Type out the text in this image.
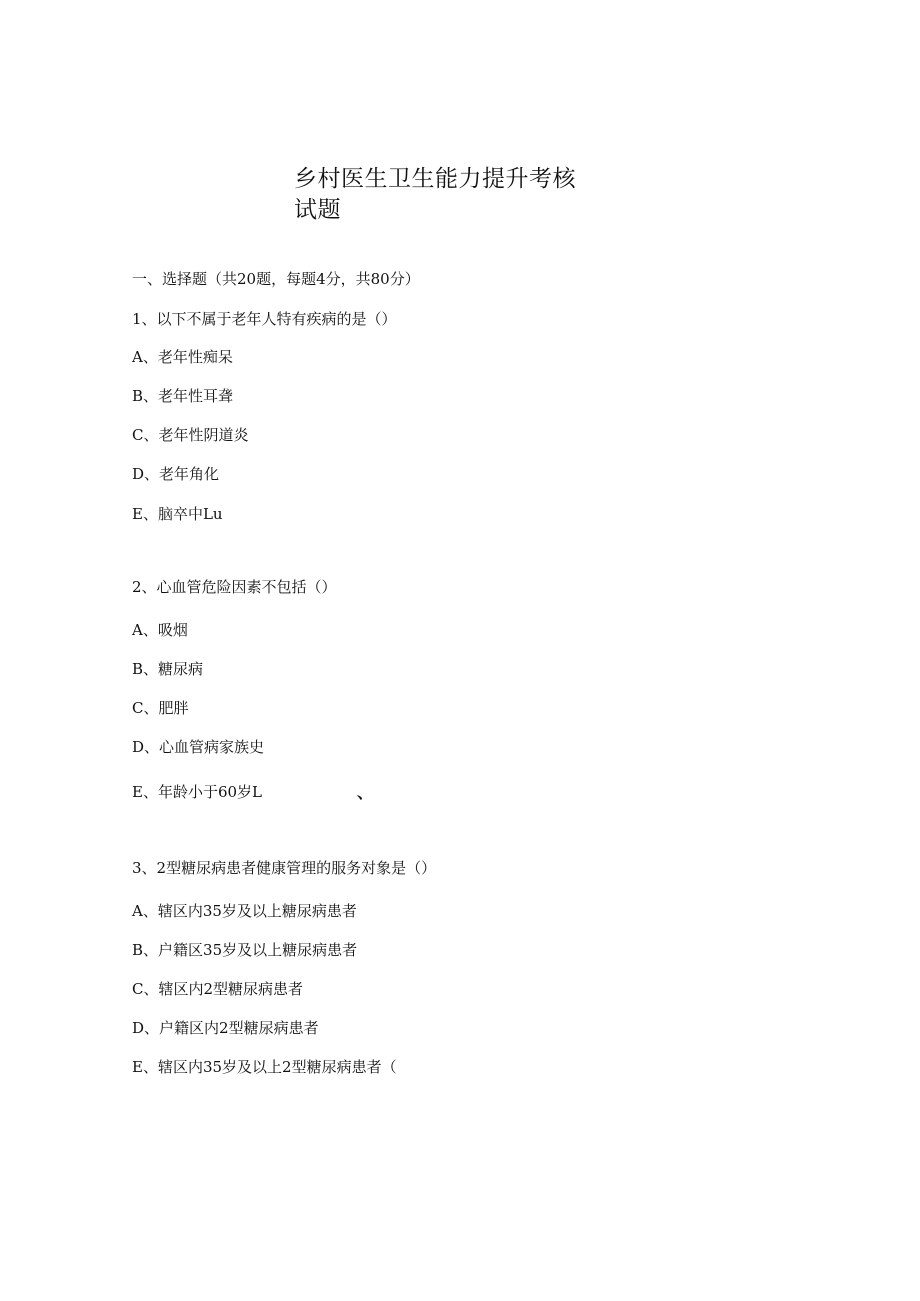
乡村医生卫生能力提升考核
试题
一、选择题（共20题，每题4分，共80分）
1、以下不属于老年人特有疾病的是（）
A、老年性痴呆
B、老年性耳聋
C、老年性阴道炎
D、老年角化
E、脑卒中Lu
2、心血管危险因素不包括（）
A、吸烟
B、糖尿病
C、肥胖
D、心血管病家族史
E、年龄小于60岁L	、
3、2型糖尿病患者健康管理的服务对象是（）
A、辖区内35岁及以上糖尿病患者
B、户籍区35岁及以上糖尿病患者
C、辖区内2型糖尿病患者
D、户籍区内2型糖尿病患者
E、辖区内35岁及以上2型糖尿病患者（
